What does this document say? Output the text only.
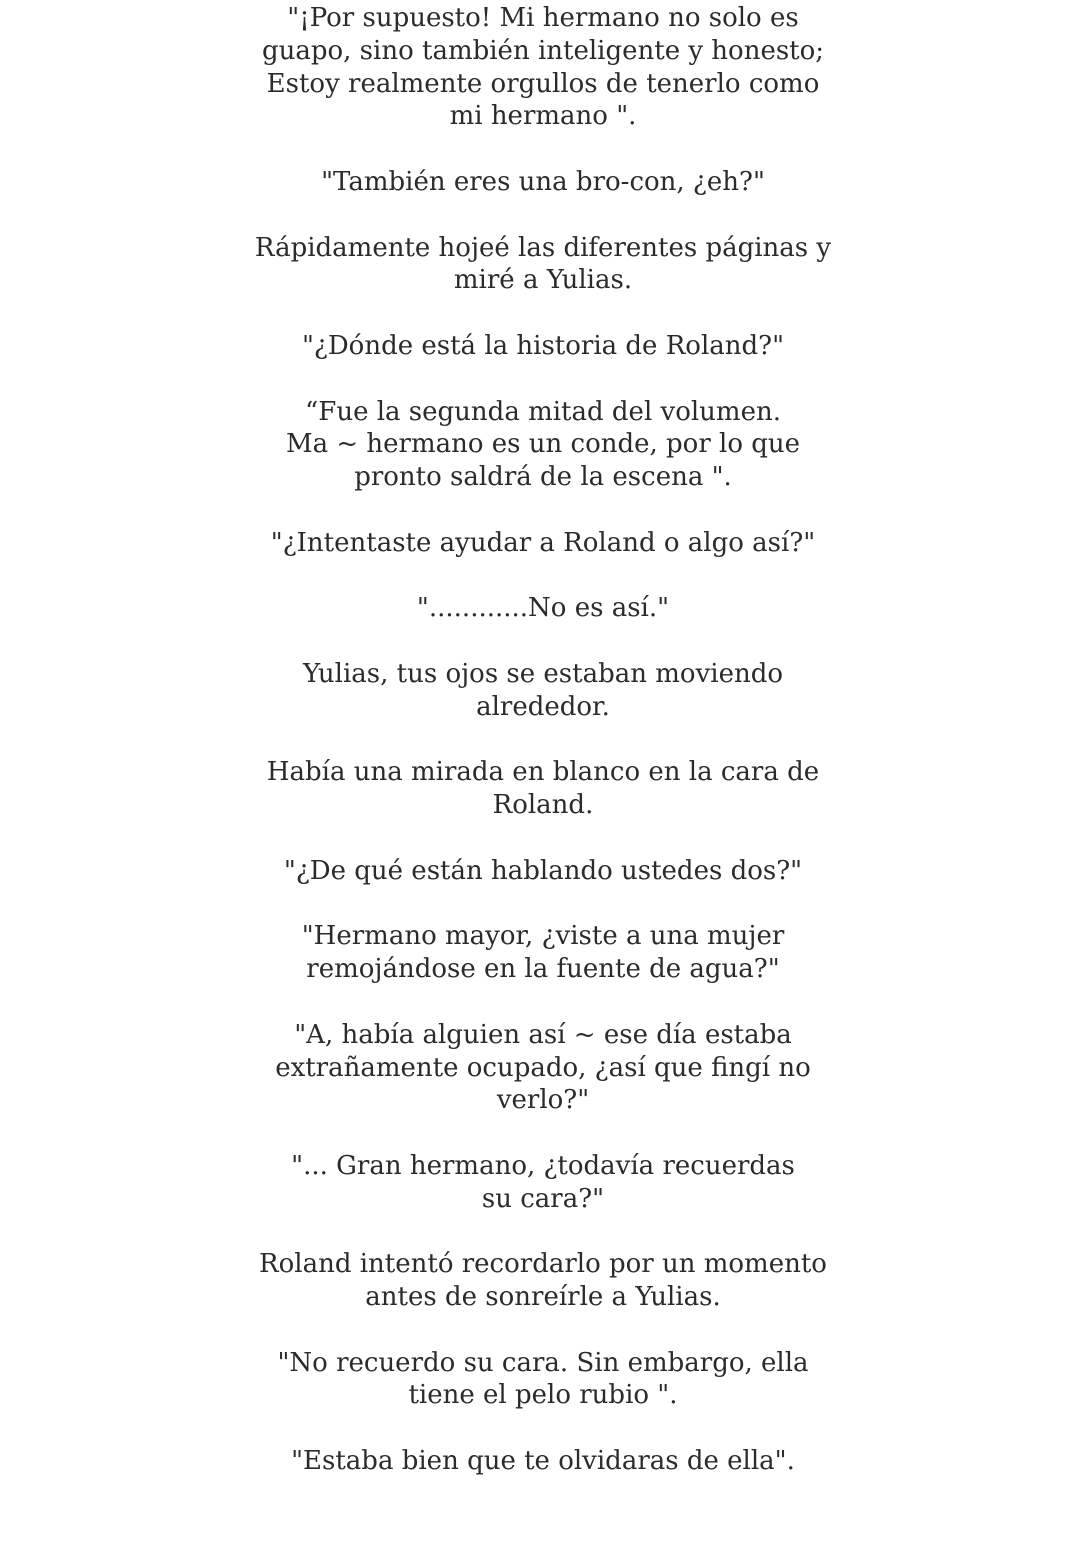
"¡Por supuesto! Mi hermano no solo es
guapo, sino también inteligente y honesto;
Estoy realmente orgullos de tenerlo como
mi hermano ".

"También eres una bro-con, ¿eh?"

Rápidamente hojeé las diferentes páginas y
miré a Yulias.

"¿Dónde está la historia de Roland?"

“Fue la segunda mitad del volumen.
Ma ~ hermano es un conde, por lo que
pronto saldrá de la escena ".

"¿Intentaste ayudar a Roland o algo así?"

"............No es así."

Yulias, tus ojos se estaban moviendo
alrededor.

Había una mirada en blanco en la cara de
Roland.

"¿De qué están hablando ustedes dos?"

"Hermano mayor, ¿viste a una mujer
remojándose en la fuente de agua?"

"A, había alguien así ~ ese día estaba
extrañamente ocupado, ¿así que fingí no
verlo?"

"... Gran hermano, ¿todavía recuerdas
su cara?"

Roland intentó recordarlo por un momento
antes de sonreírle a Yulias.

"No recuerdo su cara. Sin embargo, ella
tiene el pelo rubio ".

"Estaba bien que te olvidaras de ella".
